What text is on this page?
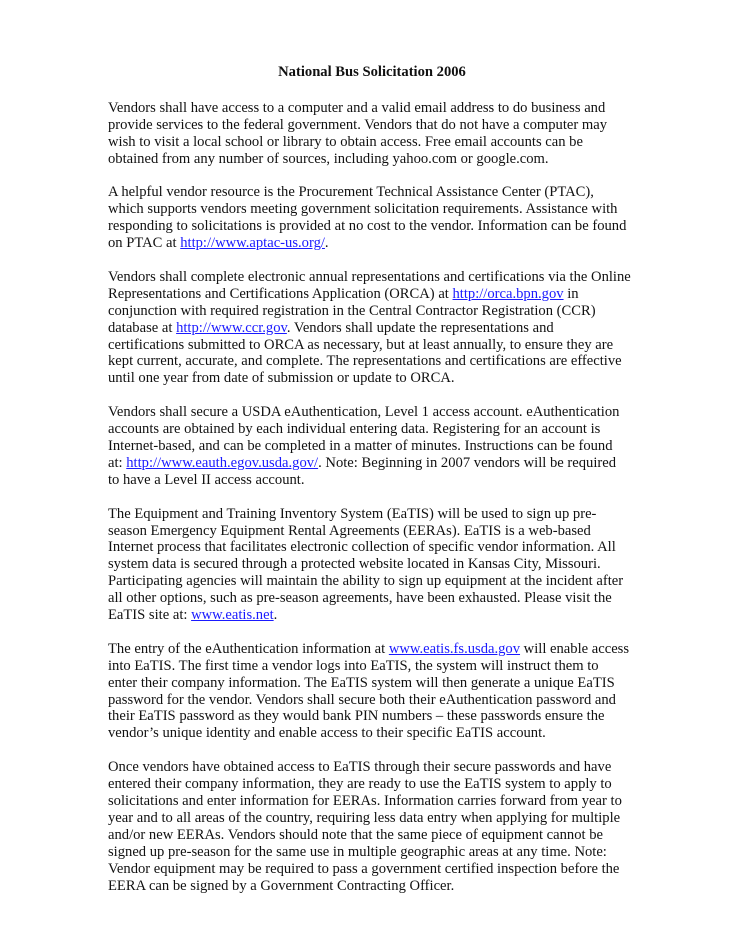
National Bus Solicitation 2006
Vendors shall have access to a computer and a valid email address to do business and
provide services to the federal government. Vendors that do not have a computer may
wish to visit a local school or library to obtain access. Free email accounts can be
obtained from any number of sources, including yahoo.com or google.com.
A helpful vendor resource is the Procurement Technical Assistance Center (PTAC),
which supports vendors meeting government solicitation requirements. Assistance with
responding to solicitations is provided at no cost to the vendor. Information can be found
on PTAC at http://www.aptac-us.org/.
Vendors shall complete electronic annual representations and certifications via the Online
Representations and Certifications Application (ORCA) at http://orca.bpn.gov in
conjunction with required registration in the Central Contractor Registration (CCR)
database at http://www.ccr.gov. Vendors shall update the representations and
certifications submitted to ORCA as necessary, but at least annually, to ensure they are
kept current, accurate, and complete. The representations and certifications are effective
until one year from date of submission or update to ORCA.
Vendors shall secure a USDA eAuthentication, Level 1 access account. eAuthentication
accounts are obtained by each individual entering data. Registering for an account is
Internet-based, and can be completed in a matter of minutes. Instructions can be found
at: http://www.eauth.egov.usda.gov/. Note: Beginning in 2007 vendors will be required
to have a Level II access account.
The Equipment and Training Inventory System (EaTIS) will be used to sign up pre-
season Emergency Equipment Rental Agreements (EERAs). EaTIS is a web-based
Internet process that facilitates electronic collection of specific vendor information. All
system data is secured through a protected website located in Kansas City, Missouri.
Participating agencies will maintain the ability to sign up equipment at the incident after
all other options, such as pre-season agreements, have been exhausted. Please visit the
EaTIS site at: www.eatis.net.
The entry of the eAuthentication information at www.eatis.fs.usda.gov will enable access
into EaTIS. The first time a vendor logs into EaTIS, the system will instruct them to
enter their company information. The EaTIS system will then generate a unique EaTIS
password for the vendor. Vendors shall secure both their eAuthentication password and
their EaTIS password as they would bank PIN numbers – these passwords ensure the
vendor’s unique identity and enable access to their specific EaTIS account.
Once vendors have obtained access to EaTIS through their secure passwords and have
entered their company information, they are ready to use the EaTIS system to apply to
solicitations and enter information for EERAs. Information carries forward from year to
year and to all areas of the country, requiring less data entry when applying for multiple
and/or new EERAs. Vendors should note that the same piece of equipment cannot be
signed up pre-season for the same use in multiple geographic areas at any time. Note:
Vendor equipment may be required to pass a government certified inspection before the
EERA can be signed by a Government Contracting Officer.
